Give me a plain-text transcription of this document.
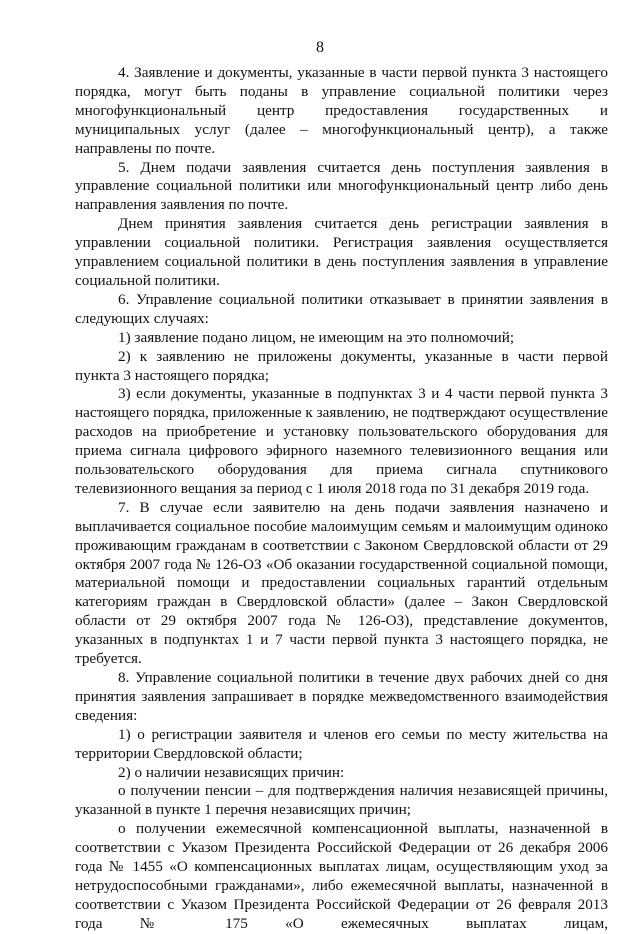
8

4. Заявление и документы, указанные в части первой пункта 3 настоящего порядка, могут быть поданы в управление социальной политики через многофункциональный центр предоставления государственных и муниципальных услуг (далее – многофункциональный центр), а также направлены по почте.

5. Днем подачи заявления считается день поступления заявления в управление социальной политики или многофункциональный центр либо день направления заявления по почте.

Днем принятия заявления считается день регистрации заявления в управлении социальной политики. Регистрация заявления осуществляется управлением социальной политики в день поступления заявления в управление социальной политики.

6. Управление социальной политики отказывает в принятии заявления в следующих случаях:

1) заявление подано лицом, не имеющим на это полномочий;

2) к заявлению не приложены документы, указанные в части первой пункта 3 настоящего порядка;

3) если документы, указанные в подпунктах 3 и 4 части первой пункта 3 настоящего порядка, приложенные к заявлению, не подтверждают осуществление расходов на приобретение и установку пользовательского оборудования для приема сигнала цифрового эфирного наземного телевизионного вещания или пользовательского оборудования для приема сигнала спутникового телевизионного вещания за период с 1 июля 2018 года по 31 декабря 2019 года.

7. В случае если заявителю на день подачи заявления назначено и выплачивается социальное пособие малоимущим семьям и малоимущим одиноко проживающим гражданам в соответствии с Законом Свердловской области от 29 октября 2007 года № 126-ОЗ «Об оказании государственной социальной помощи, материальной помощи и предоставлении социальных гарантий отдельным категориям граждан в Свердловской области» (далее – Закон Свердловской области от 29 октября 2007 года № 126-ОЗ), представление документов, указанных в подпунктах 1 и 7 части первой пункта 3 настоящего порядка, не требуется.

8. Управление социальной политики в течение двух рабочих дней со дня принятия заявления запрашивает в порядке межведомственного взаимодействия сведения:

1) о регистрации заявителя и членов его семьи по месту жительства на территории Свердловской области;

2) о наличии независящих причин:

о получении пенсии – для подтверждения наличия независящей причины, указанной в пункте 1 перечня независящих причин;

о получении ежемесячной компенсационной выплаты, назначенной в соответствии с Указом Президента Российской Федерации от 26 декабря 2006 года № 1455 «О компенсационных выплатах лицам, осуществляющим уход за нетрудоспособными гражданами», либо ежемесячной выплаты, назначенной в соответствии с Указом Президента Российской Федерации от 26 февраля 2013 года № 175 «О ежемесячных выплатах лицам,
